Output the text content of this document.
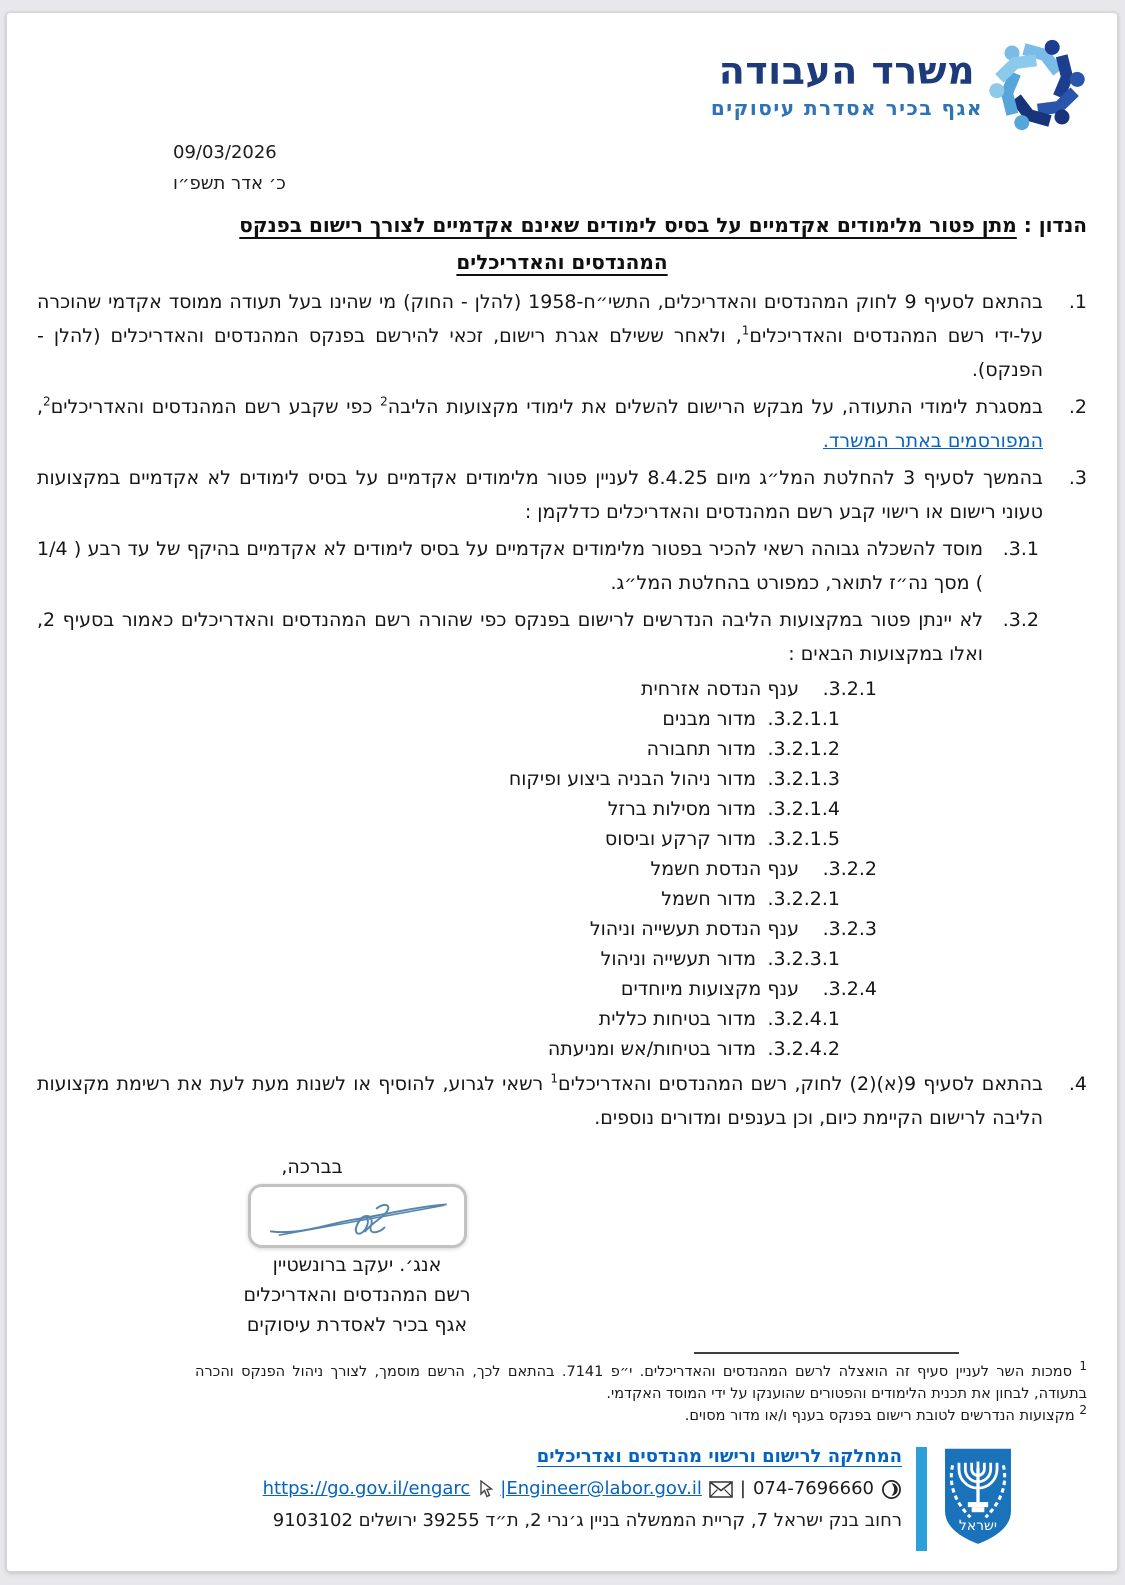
משרד העבודה
אגף בכיר אסדרת עיסוקים
09/03/2026
כ׳ אדר תשפ״ו
הנדון : מתן פטור מלימודים אקדמיים על בסיס לימודים שאינם אקדמיים לצורך רישום בפנקס
המהנדסים והאדריכלים
1.
בהתאם לסעיף 9 לחוק המהנדסים והאדריכלים, התשי״ח-1958 (להלן - החוק) מי שהינו בעל תעודה ממוסד אקדמי שהוכרה על-ידי רשם המהנדסים והאדריכלים$^1$, ולאחר ששילם אגרת רישום, זכאי להירשם בפנקס המהנדסים והאדריכלים (להלן - הפנקס).
2.
במסגרת לימודי התעודה, על מבקש הרישום להשלים את לימודי מקצועות הליבה$^2$ כפי שקבע רשם המהנדסים והאדריכלים$^2$, המפורסמים באתר המשרד.
3.
בהמשך לסעיף 3 להחלטת המל״ג מיום 8.4.25 לעניין פטור מלימודים אקדמיים על בסיס לימודים לא אקדמיים במקצועות טעוני רישום או רישוי קבע רשם המהנדסים והאדריכלים כדלקמן :
3.1.
מוסד להשכלה גבוהה רשאי להכיר בפטור מלימודים אקדמיים על בסיס לימודים לא אקדמיים בהיקף של עד רבע ( 1/4 ) מסך נה״ז לתואר, כמפורט בהחלטת המל״ג.
3.2.
לא יינתן פטור במקצועות הליבה הנדרשים לרישום בפנקס כפי שהורה רשם המהנדסים והאדריכלים כאמור בסעיף 2, ואלו במקצועות הבאים :
3.2.1.
ענף הנדסה אזרחית
3.2.1.1.
מדור מבנים
3.2.1.2.
מדור תחבורה
3.2.1.3.
מדור ניהול הבניה ביצוע ופיקוח
3.2.1.4.
מדור מסילות ברזל
3.2.1.5.
מדור קרקע וביסוס
3.2.2.
ענף הנדסת חשמל
3.2.2.1.
מדור חשמל
3.2.3.
ענף הנדסת תעשייה וניהול
3.2.3.1.
מדור תעשייה וניהול
3.2.4.
ענף מקצועות מיוחדים
3.2.4.1.
מדור בטיחות כללית
3.2.4.2.
מדור בטיחות/אש ומניעתה
4.
בהתאם לסעיף 9(א)(2) לחוק, רשם המהנדסים והאדריכלים$^1$ רשאי לגרוע, להוסיף או לשנות מעת לעת את רשימת מקצועות הליבה לרישום הקיימת כיום, וכן בענפים ומדורים נוספים.
בברכה,
אנג׳. יעקב ברונשטיין
רשם המהנדסים והאדריכלים
אגף בכיר לאסדרת עיסוקים
$^1$ סמכות השר לעניין סעיף זה הואצלה לרשם המהנדסים והאדריכלים. י״פ 7141. בהתאם לכך, הרשם מוסמך, לצורך ניהול הפנקס והכרה בתעודה, לבחון את תכנית הלימודים והפטורים שהוענקו על ידי המוסד האקדמי.
$^2$ מקצועות הנדרשים לטובת רישום בפנקס בענף ו/או מדור מסוים.
המחלקה לרישום ורישוי מהנדסים ואדריכלים
https://go.gov.il/engarc |Engineer@labor.gov.il | 074-7696660
רחוב בנק ישראל 7, קריית הממשלה בניין ג׳נרי 2, ת״ד 39255 ירושלים 9103102	ישראל
